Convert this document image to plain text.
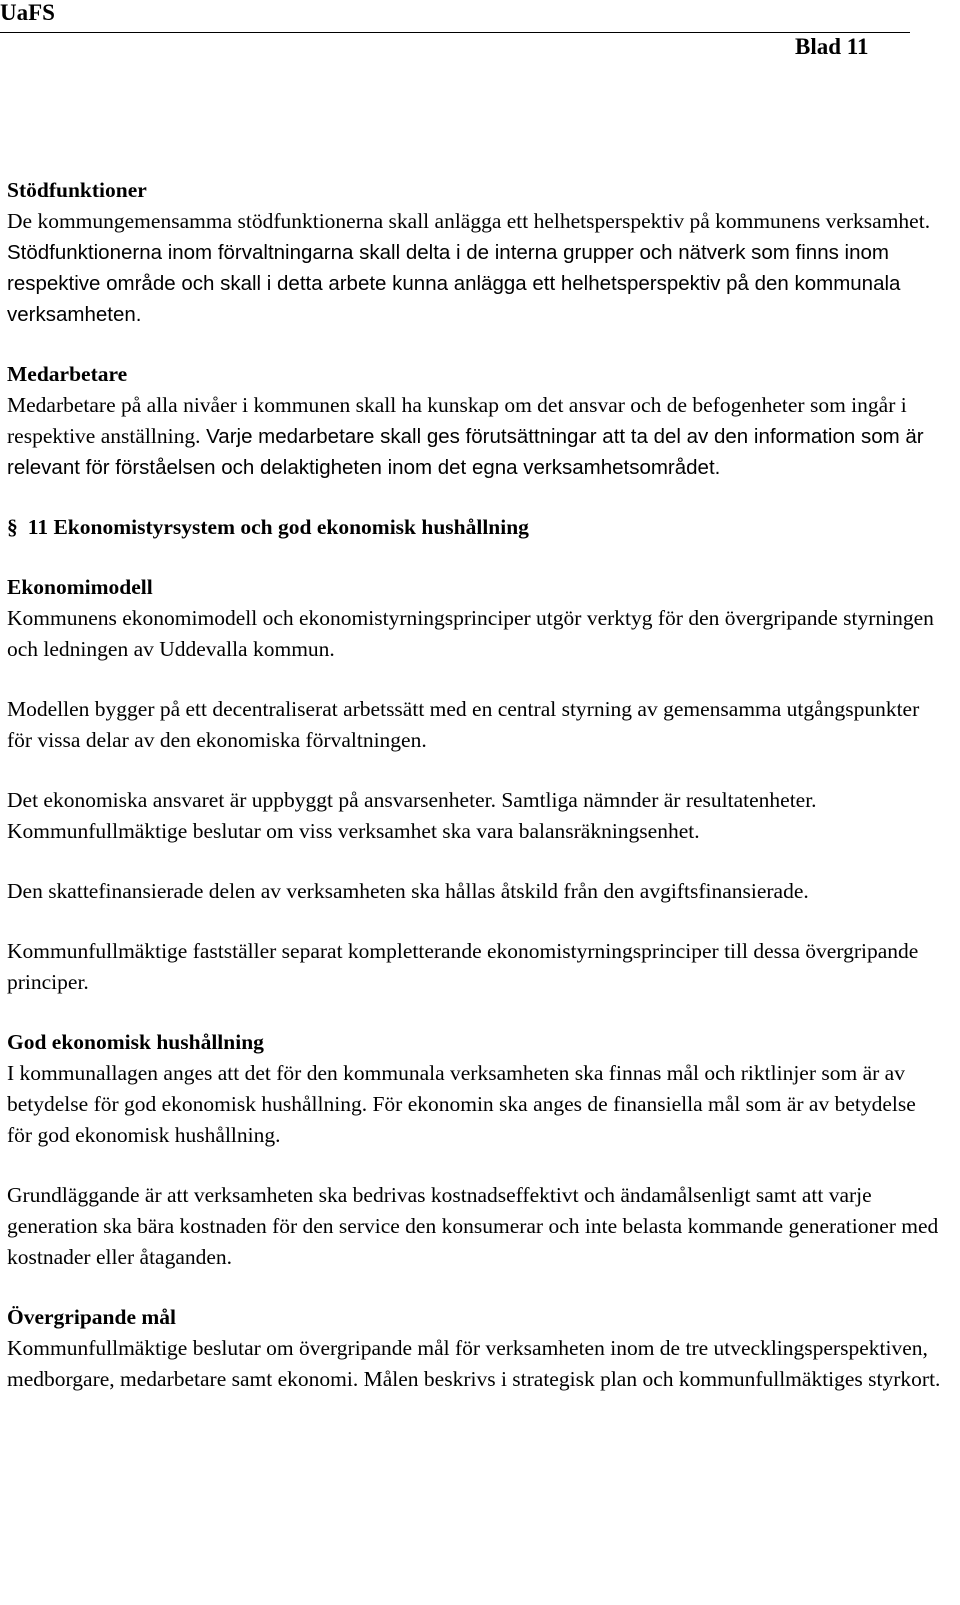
UaFS
Blad 11
Stödfunktioner

De kommungemensamma stödfunktionerna skall anlägga ett helhetsperspektiv på kommunens verksamhet. Stödfunktionerna inom förvaltningarna skall delta i de interna grupper och nätverk som finns inom respektive område och skall i detta arbete kunna anlägga ett helhetsperspektiv på den kommunala verksamheten.

Medarbetare

Medarbetare på alla nivåer i kommunen skall ha kunskap om det ansvar och de befogenheter som ingår i respektive anställning. Varje medarbetare skall ges förutsättningar att ta del av den information som är relevant för förståelsen och delaktigheten inom det egna verksamhetsområdet.

§ 11 Ekonomistyrsystem och god ekonomisk hushållning
Ekonomimodell

Kommunens ekonomimodell och ekonomistyrningsprinciper utgör verktyg för den övergripande styrningen och ledningen av Uddevalla kommun.

Modellen bygger på ett decentraliserat arbetssätt med en central styrning av gemensamma utgångspunkter för vissa delar av den ekonomiska förvaltningen.

Det ekonomiska ansvaret är uppbyggt på ansvarsenheter. Samtliga nämnder är resultatenheter. Kommunfullmäktige beslutar om viss verksamhet ska vara balansräkningsenhet.

Den skattefinansierade delen av verksamheten ska hållas åtskild från den avgiftsfinansierade.

Kommunfullmäktige fastställer separat kompletterande ekonomistyrningsprinciper till dessa övergripande principer.

God ekonomisk hushållning

I kommunallagen anges att det för den kommunala verksamheten ska finnas mål och riktlinjer som är av betydelse för god ekonomisk hushållning. För ekonomin ska anges de finansiella mål som är av betydelse för god ekonomisk hushållning.

Grundläggande är att verksamheten ska bedrivas kostnadseffektivt och ändamålsenligt samt att varje generation ska bära kostnaden för den service den konsumerar och inte belasta kommande generationer med kostnader eller åtaganden.

Övergripande mål

Kommunfullmäktige beslutar om övergripande mål för verksamheten inom de tre utvecklingsperspektiven, medborgare, medarbetare samt ekonomi. Målen beskrivs i strategisk plan och kommunfullmäktiges styrkort.
